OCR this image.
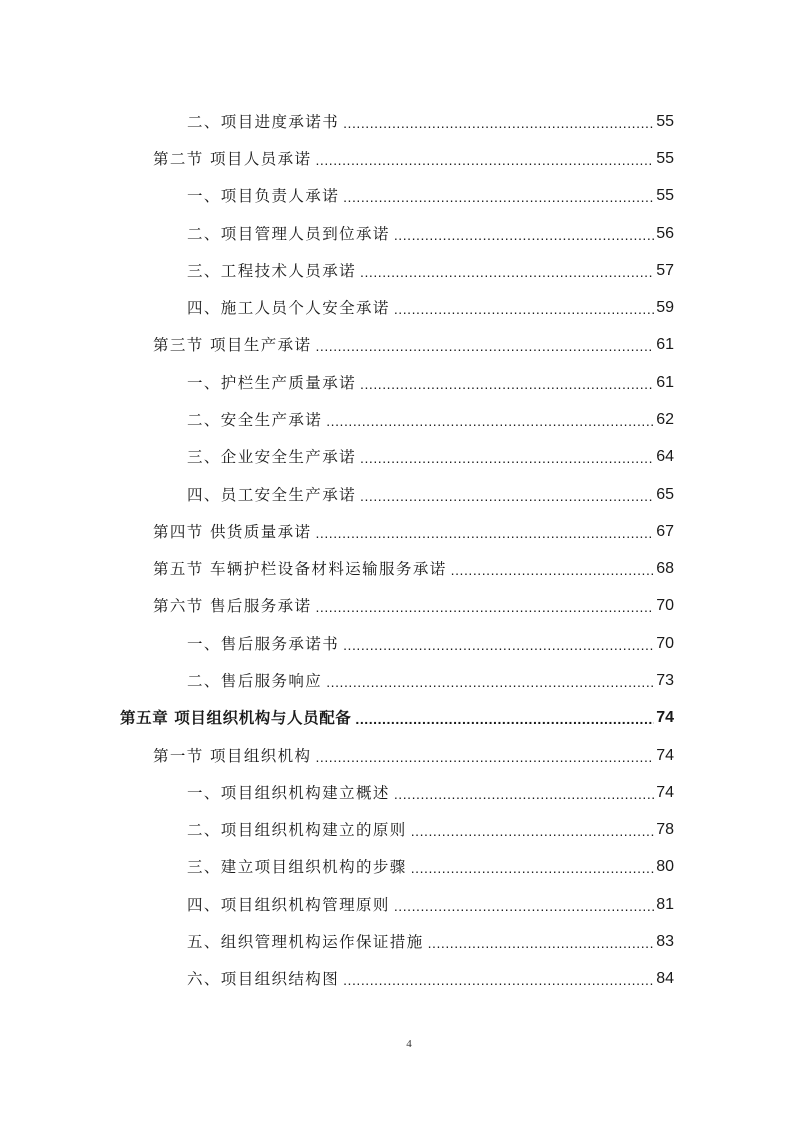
二、项目进度承诺书 .....	55
第二节 项目人员承诺 .....	55
一、项目负责人承诺 .....	55
二、项目管理人员到位承诺 .....	56
三、工程技术人员承诺 .....	57
四、施工人员个人安全承诺 .....	59
第三节 项目生产承诺 .....	61
一、护栏生产质量承诺 .....	61
二、安全生产承诺 .....	62
三、企业安全生产承诺 .....	64
四、员工安全生产承诺 .....	65
第四节 供货质量承诺 .....	67
第五节 车辆护栏设备材料运输服务承诺 .....	68
第六节 售后服务承诺 .....	70
一、售后服务承诺书 .....	70
二、售后服务响应 .....	73
第五章 项目组织机构与人员配备 .....	74
第一节 项目组织机构 .....	74
一、项目组织机构建立概述 .....	74
二、项目组织机构建立的原则 .....	78
三、建立项目组织机构的步骤 .....	80
四、项目组织机构管理原则 .....	81
五、组织管理机构运作保证措施 .....	83
六、项目组织结构图 .....	84
4
